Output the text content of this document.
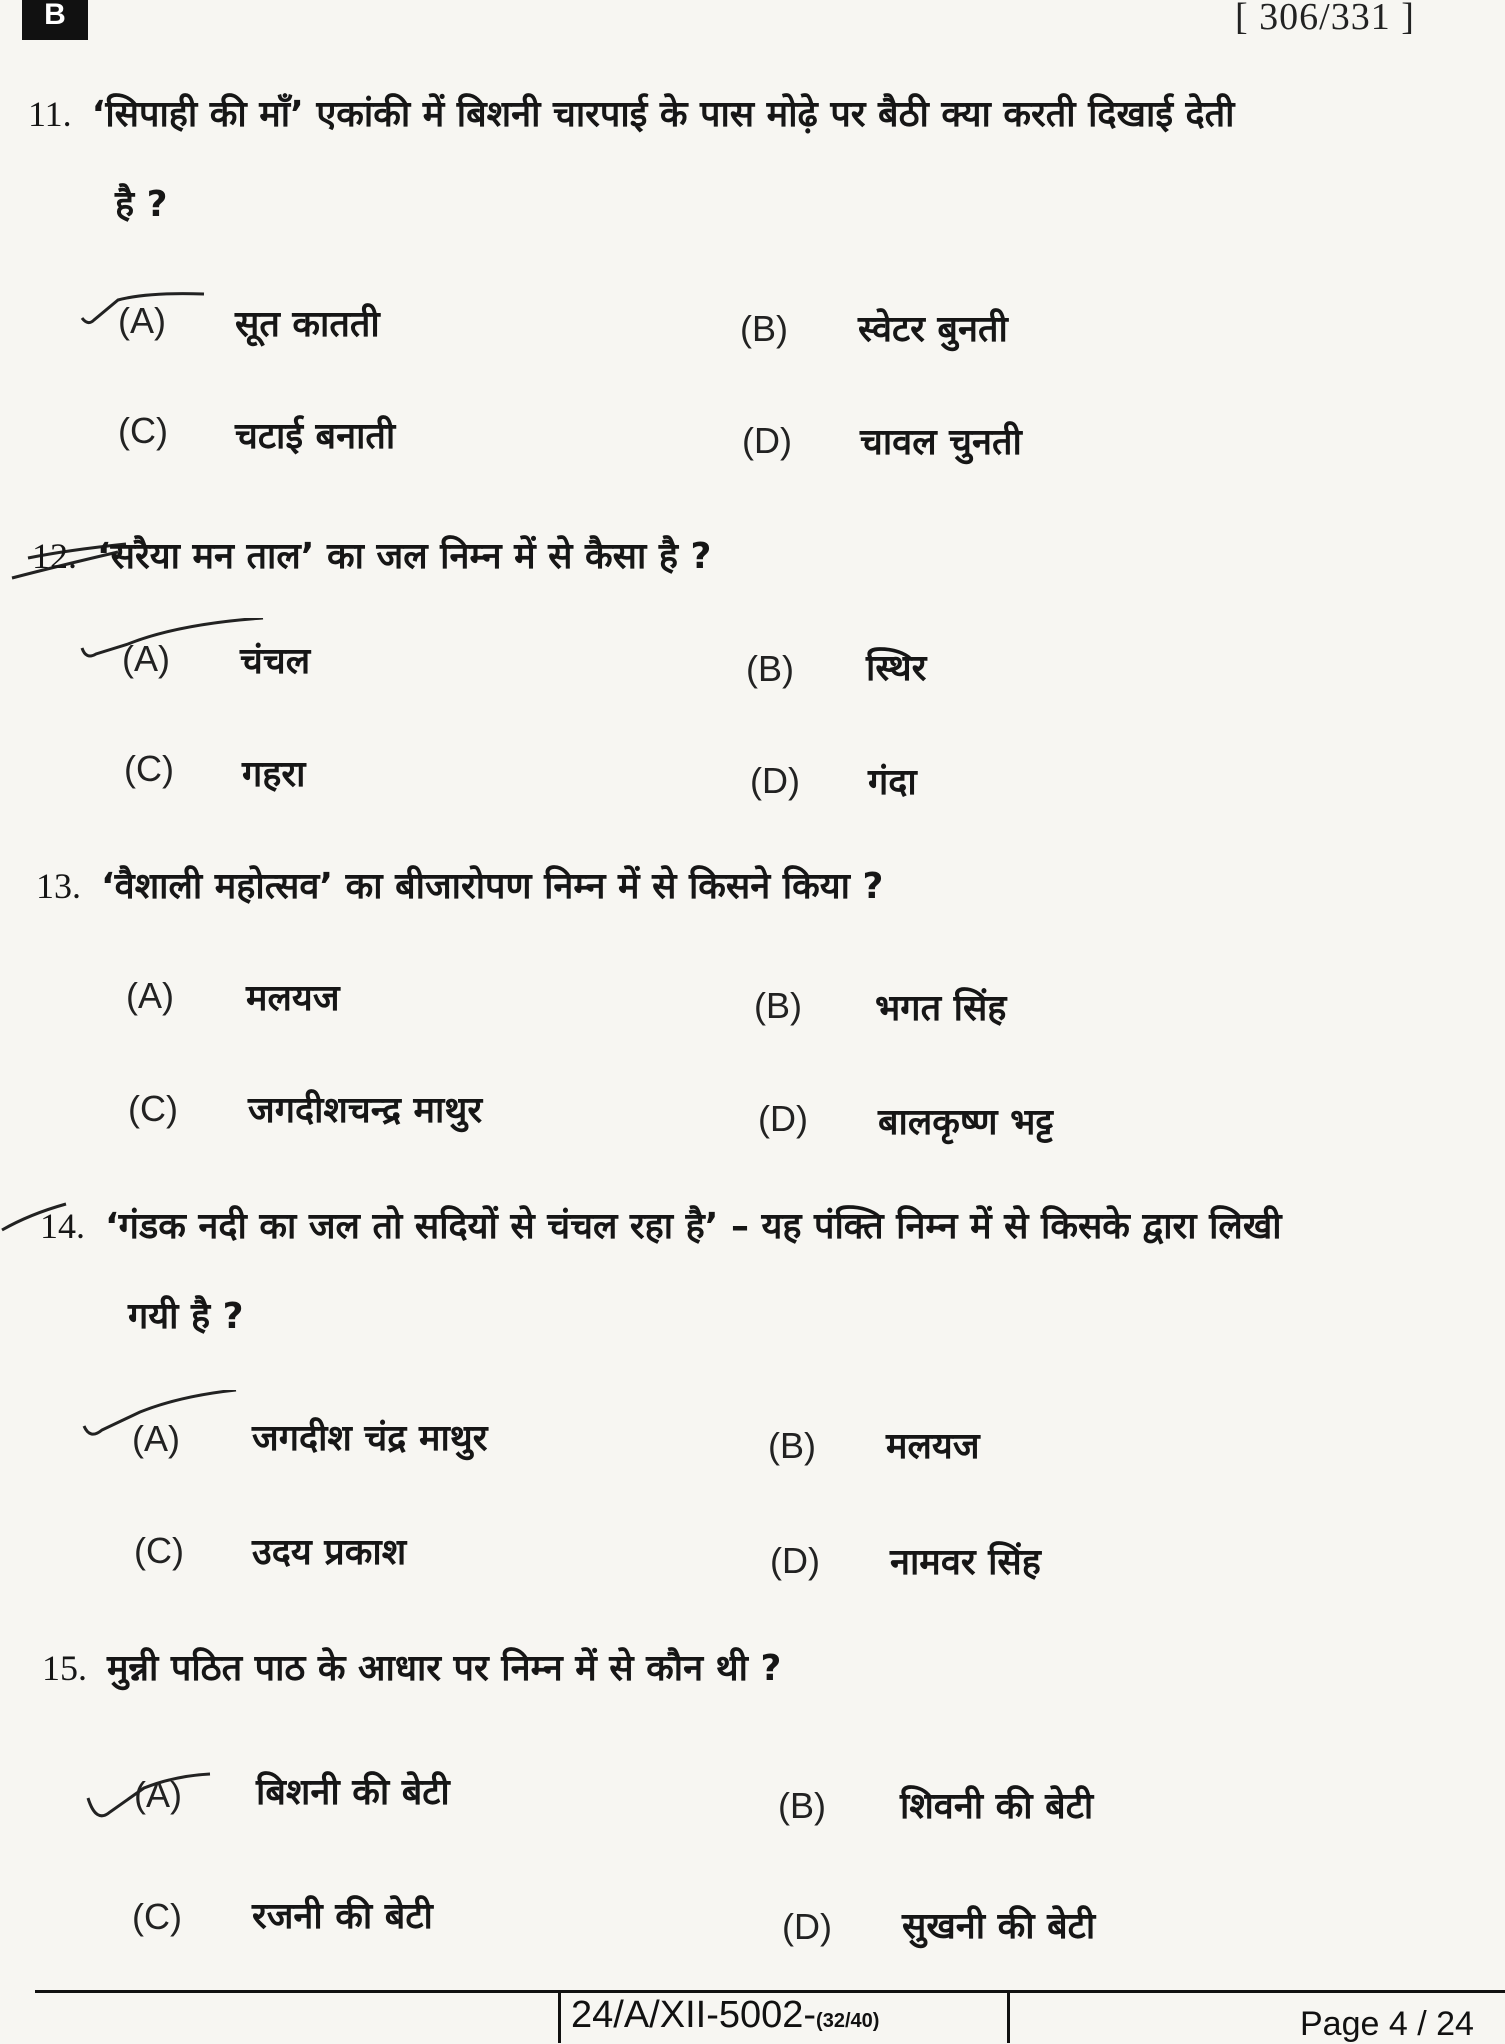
B	[ 306/331 ]
11. ‘सिपाही की माँ’ एकांकी में बिशनी चारपाई के पास मोढ़े पर बैठी क्या करती दिखाई देती
है ?
(A) सूत कातती	(B) स्वेटर बुनती
(C) चटाई बनाती	(D) चावल चुनती
12. ‘सरैया मन ताल’ का जल निम्न में से कैसा है ?
(A) चंचल	(B) स्थिर
(C) गहरा	(D) गंदा
13. ‘वैशाली महोत्सव’ का बीजारोपण निम्न में से किसने किया ?
(A) मलयज	(B) भगत सिंह
(C) जगदीशचन्द्र माथुर	(D) बालकृष्ण भट्ट
14. ‘गंडक नदी का जल तो सदियों से चंचल रहा है’ – यह पंक्ति निम्न में से किसके द्वारा लिखी
गयी है ?
(A) जगदीश चंद्र माथुर	(B) मलयज
(C) उदय प्रकाश	(D) नामवर सिंह
15. मुन्नी पठित पाठ के आधार पर निम्न में से कौन थी ?
(A) बिशनी की बेटी	(B) शिवनी की बेटी
(C) रजनी की बेटी	(D) सुखनी की बेटी
24/A/XII-5002-(32/40)	Page 4 / 24
